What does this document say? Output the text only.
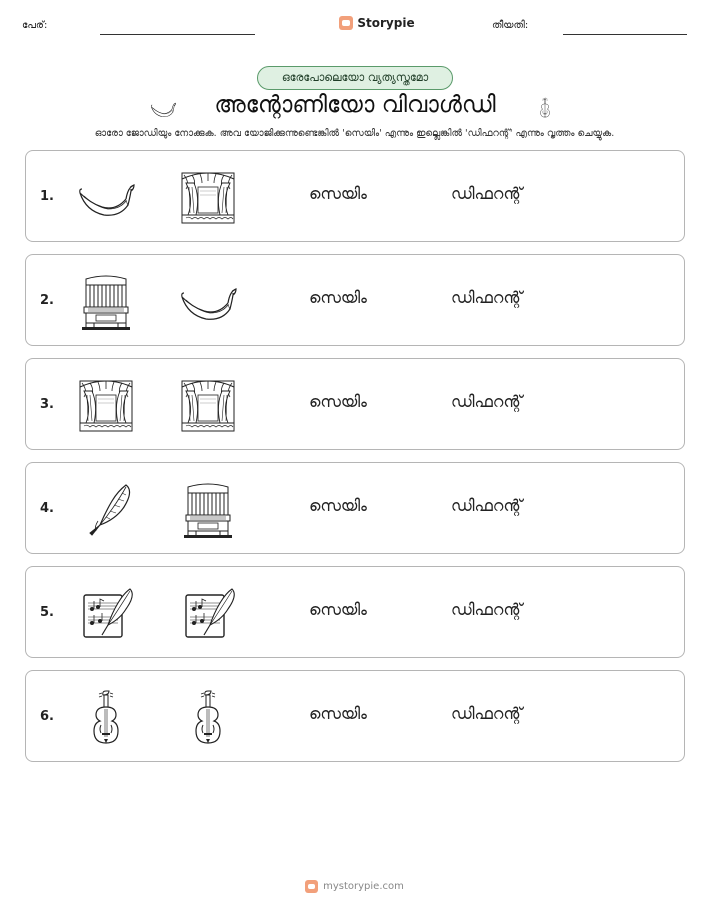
പേര്:	Storypie	തീയതി:
ഒരേപോലെയോ വ്യത്യസ്തമോ
അന്റോണിയോ വിവാൾഡി
ഓരോ ജോഡിയും നോക്കുക. അവ യോജിക്കുന്നുണ്ടെങ്കിൽ 'സെയിം' എന്നും ഇല്ലെങ്കിൽ 'ഡിഫറന്റ്' എന്നും വൃത്തം ചെയ്യുക.
1.	സെയിം	ഡിഫറന്റ്
2.	സെയിം	ഡിഫറന്റ്
3.	സെയിം	ഡിഫറന്റ്
4.	സെയിം	ഡിഫറന്റ്
5.	സെയിം	ഡിഫറന്റ്
6.	സെയിം	ഡിഫറന്റ്
mystorypie.com
